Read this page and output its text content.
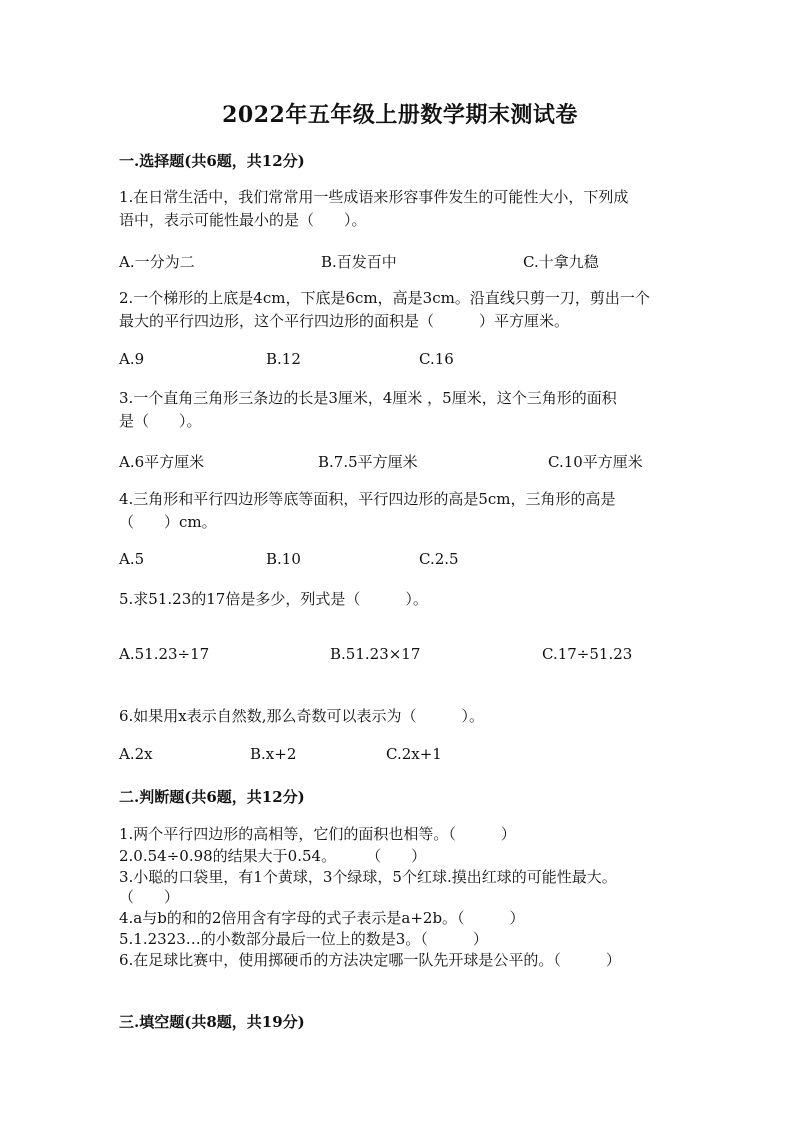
2022年五年级上册数学期末测试卷
一.选择题(共6题，共12分)
1.在日常生活中，我们常常用一些成语来形容事件发生的可能性大小，下列成
语中，表示可能性最小的是（　　）。
A.一分为二	B.百发百中	C.十拿九稳
2.一个梯形的上底是4cm，下底是6cm，高是3cm。沿直线只剪一刀，剪出一个
最大的平行四边形，这个平行四边形的面积是（　　　）平方厘米。
A.9	B.12	C.16
3.一个直角三角形三条边的长是3厘米，4厘米 ，5厘米，这个三角形的面积
是（　　）。
A.6平方厘米	B.7.5平方厘米	C.10平方厘米
4.三角形和平行四边形等底等面积，平行四边形的高是5cm，三角形的高是
（　　）cm。
A.5	B.10	C.2.5
5.求51.23的17倍是多少，列式是（　　　）。
A.51.23÷17	B.51.23×17	C.17÷51.23
6.如果用x表示自然数,那么奇数可以表示为（　　　）。
A.2x	B.x+2	C.2x+1
二.判断题(共6题，共12分)
1.两个平行四边形的高相等，它们的面积也相等。（　　　）
2.0.54÷0.98的结果大于0.54。　　　（　　）
3.小聪的口袋里，有1个黄球，3个绿球，5个红球.摸出红球的可能性最大。
（　　）
4.a与b的和的2倍用含有字母的式子表示是a+2b。（　　　）
5.1.2323…的小数部分最后一位上的数是3。（　　　）
6.在足球比赛中，使用掷硬币的方法决定哪一队先开球是公平的。（　　　）
三.填空题(共8题，共19分)
